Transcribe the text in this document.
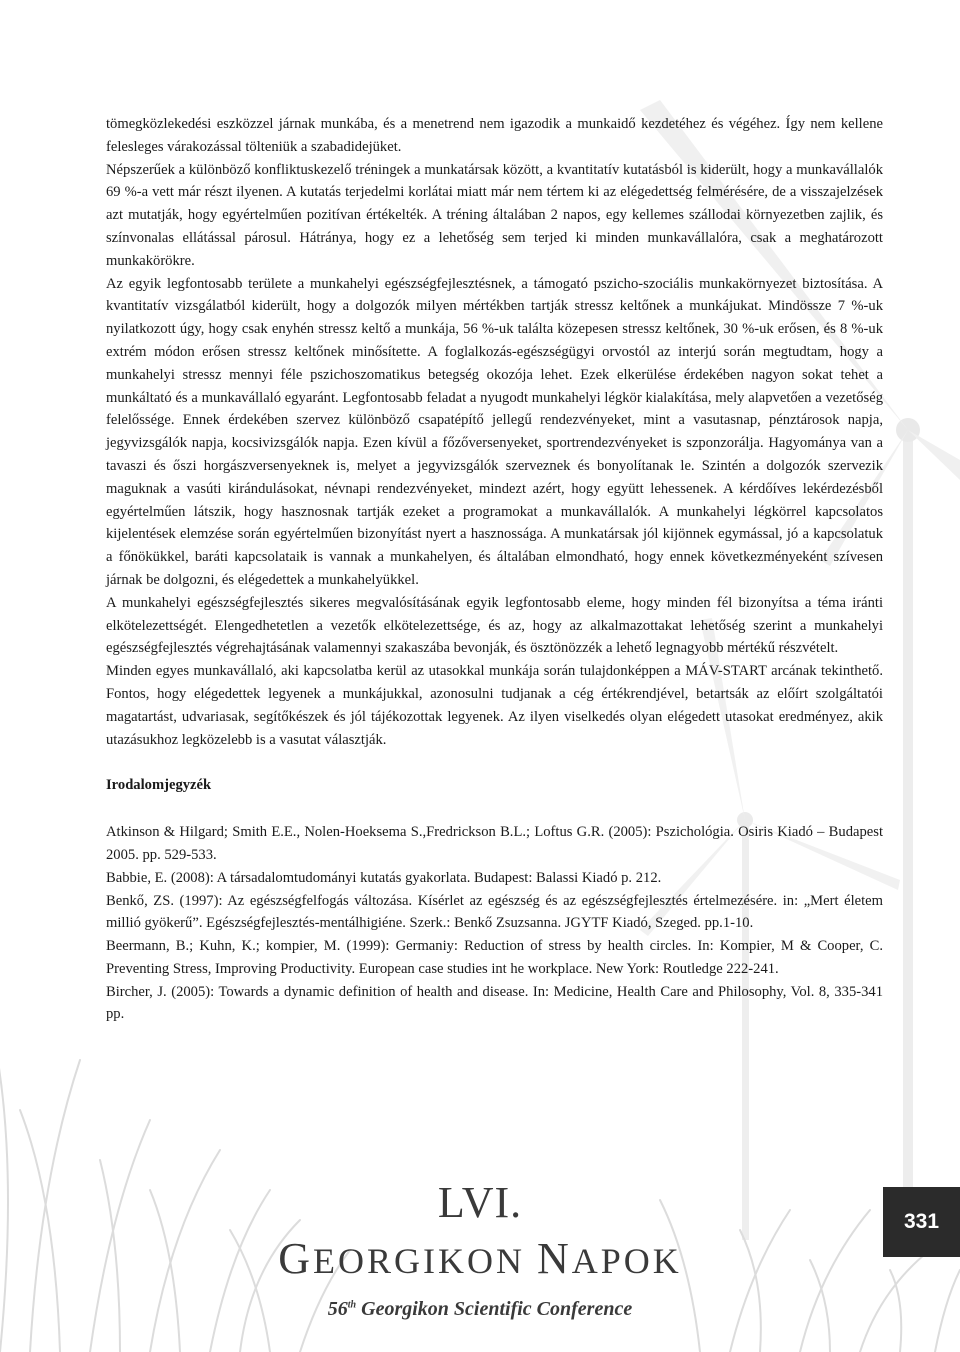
tömegközlekedési eszközzel járnak munkába, és a menetrend nem igazodik a munkaidő kezdetéhez és végéhez. Így nem kellene felesleges várakozással tölteniük a szabadidejüket.

Népszerűek a különböző konfliktuskezelő tréningek a munkatársak között, a kvantitatív kutatásból is kiderült, hogy a munkavállalók 69 %-a vett már részt ilyenen. A kutatás terjedelmi korlátai miatt már nem tértem ki az elégedettség felmérésére, de a visszajelzések azt mutatják, hogy egyértelműen pozitívan értékelték. A tréning általában 2 napos, egy kellemes szállodai környezetben zajlik, és színvonalas ellátással párosul. Hátránya, hogy ez a lehetőség sem terjed ki minden munkavállalóra, csak a meghatározott munkakörökre.

Az egyik legfontosabb területe a munkahelyi egészségfejlesztésnek, a támogató pszicho-szociális munkakörnyezet biztosítása. A kvantitatív vizsgálatból kiderült, hogy a dolgozók milyen mértékben tartják stressz keltőnek a munkájukat. Mindössze 7 %-uk nyilatkozott úgy, hogy csak enyhén stressz keltő a munkája, 56 %-uk találta közepesen stressz keltőnek, 30 %-uk erősen, és 8 %-uk extrém módon erősen stressz keltőnek minősítette. A foglalkozás-egészségügyi orvostól az interjú során megtudtam, hogy a munkahelyi stressz mennyi féle pszichoszomatikus betegség okozója lehet. Ezek elkerülése érdekében nagyon sokat tehet a munkáltató és a munkavállaló egyaránt. Legfontosabb feladat a nyugodt munkahelyi légkör kialakítása, mely alapvetően a vezetőség felelőssége. Ennek érdekében szervez különböző csapatépítő jellegű rendezvényeket, mint a vasutasnap, pénztárosok napja, jegyvizsgálók napja, kocsivizsgálók napja. Ezen kívül a főzőversenyeket, sportrendezvényeket is szponzorálja. Hagyománya van a tavaszi és őszi horgászversenyeknek is, melyet a jegyvizsgálók szerveznek és bonyolítanak le. Szintén a dolgozók szervezik maguknak a vasúti kirándulásokat, névnapi rendezvényeket, mindezt azért, hogy együtt lehessenek. A kérdőíves lekérdezésből egyértelműen látszik, hogy hasznosnak tartják ezeket a programokat a munkavállalók. A munkahelyi légkörrel kapcsolatos kijelentések elemzése során egyértelműen bizonyítást nyert a hasznossága. A munkatársak jól kijönnek egymással, jó a kapcsolatuk a főnökükkel, baráti kapcsolataik is vannak a munkahelyen, és általában elmondható, hogy ennek következményeként szívesen járnak be dolgozni, és elégedettek a munkahelyükkel.

A munkahelyi egészségfejlesztés sikeres megvalósításának egyik legfontosabb eleme, hogy minden fél bizonyítsa a téma iránti elkötelezettségét. Elengedhetetlen a vezetők elkötelezettsége, és az, hogy az alkalmazottakat lehetőség szerint a munkahelyi egészségfejlesztés végrehajtásának valamennyi szakaszába bevonják, és ösztönözzék a lehető legnagyobb mértékű részvételt.

Minden egyes munkavállaló, aki kapcsolatba kerül az utasokkal munkája során tulajdonképpen a MÁV-START arcának tekinthető. Fontos, hogy elégedettek legyenek a munkájukkal, azonosulni tudjanak a cég értékrendjével, betartsák az előírt szolgáltatói magatartást, udvariasak, segítőkészek és jól tájékozottak legyenek. Az ilyen viselkedés olyan elégedett utasokat eredményez, akik utazásukhoz legközelebb is a vasutat választják.

Irodalomjegyzék

Atkinson & Hilgard; Smith E.E., Nolen-Hoeksema S.,Fredrickson B.L.; Loftus G.R. (2005): Pszichológia. Osiris Kiadó – Budapest 2005. pp. 529-533.

Babbie, E. (2008): A társadalomtudományi kutatás gyakorlata. Budapest: Balassi Kiadó p. 212.

Benkő, ZS. (1997): Az egészségfelfogás változása. Kísérlet az egészség és az egészségfejlesztés értelmezésére. in: „Mert életem millió gyökerű”. Egészségfejlesztés-mentálhigiéne. Szerk.: Benkő Zsuzsanna. JGYTF Kiadó, Szeged. pp.1-10.

Beermann, B.; Kuhn, K.; kompier, M. (1999): Germaniy: Reduction of stress by health circles. In: Kompier, M & Cooper, C. Preventing Stress, Improving Productivity. European case studies int he workplace. New York: Routledge 222-241.

Bircher, J. (2005): Towards a dynamic definition of health and disease. In: Medicine, Health Care and Philosophy, Vol. 8, 335-341 pp.

LVI.
GEORGIKON NAPOK
56th Georgikon Scientific Conference
331
